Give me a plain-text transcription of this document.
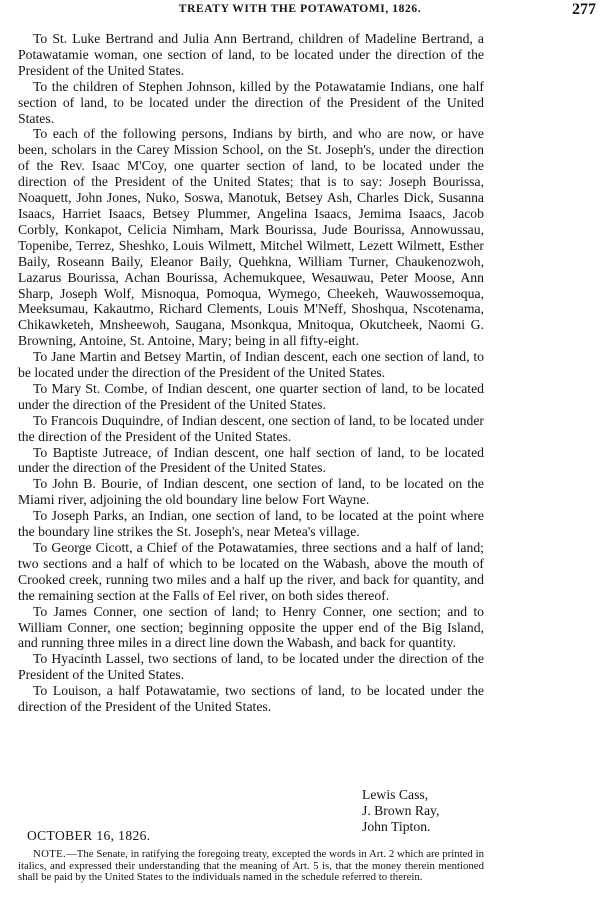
TREATY WITH THE POTAWATOMI, 1826.	277

To St. Luke Bertrand and Julia Ann Bertrand, children of Madeline Bertrand, a Potawatamie woman, one section of land, to be located under the direction of the President of the United States.

To the children of Stephen Johnson, killed by the Potawatamie Indians, one half section of land, to be located under the direction of the President of the United States.

To each of the following persons, Indians by birth, and who are now, or have been, scholars in the Carey Mission School, on the St. Joseph's, under the direction of the Rev. Isaac M'Coy, one quarter section of land, to be located under the direction of the President of the United States; that is to say: Joseph Bourissa, Noaquett, John Jones, Nuko, Soswa, Manotuk, Betsey Ash, Charles Dick, Susanna Isaacs, Harriet Isaacs, Betsey Plummer, Angelina Isaacs, Jemima Isaacs, Jacob Corbly, Konkapot, Celicia Nimham, Mark Bourissa, Jude Bourissa, Annowussau, Topenibe, Terrez, Sheshko, Louis Wilmett, Mitchel Wilmett, Lezett Wilmett, Esther Baily, Roseann Baily, Eleanor Baily, Quehkna, William Turner, Chaukenozwoh, Lazarus Bourissa, Achan Bourissa, Achemukquee, Wesauwau, Peter Moose, Ann Sharp, Joseph Wolf, Misnoqua, Pomoqua, Wymego, Cheekeh, Wauwossemoqua, Meeksumau, Kakautmo, Richard Clements, Louis M'Neff, Shoshqua, Nscotenama, Chikawketeh, Mnsheewoh, Saugana, Msonkqua, Mnitoqua, Okutcheek, Naomi G. Browning, Antoine, St. Antoine, Mary; being in all fifty-eight.

To Jane Martin and Betsey Martin, of Indian descent, each one section of land, to be located under the direction of the President of the United States.

To Mary St. Combe, of Indian descent, one quarter section of land, to be located under the direction of the President of the United States.

To Francois Duquindre, of Indian descent, one section of land, to be located under the direction of the President of the United States.

To Baptiste Jutreace, of Indian descent, one half section of land, to be located under the direction of the President of the United States.

To John B. Bourie, of Indian descent, one section of land, to be located on the Miami river, adjoining the old boundary line below Fort Wayne.

To Joseph Parks, an Indian, one section of land, to be located at the point where the boundary line strikes the St. Joseph's, near Metea's village.

To George Cicott, a Chief of the Potawatamies, three sections and a half of land; two sections and a half of which to be located on the Wabash, above the mouth of Crooked creek, running two miles and a half up the river, and back for quantity, and the remaining section at the Falls of Eel river, on both sides thereof.

To James Conner, one section of land; to Henry Conner, one section; and to William Conner, one section; beginning opposite the upper end of the Big Island, and running three miles in a direct line down the Wabash, and back for quantity.

To Hyacinth Lassel, two sections of land, to be located under the direction of the President of the United States.

To Louison, a half Potawatamie, two sections of land, to be located under the direction of the President of the United States.

Lewis Cass,
J. Brown Ray,
John Tipton.
OCTOBER 16, 1826.
NOTE.—The Senate, in ratifying the foregoing treaty, excepted the words in Art. 2 which are printed in italics, and expressed their understanding that the meaning of Art. 5 is, that the money therein mentioned shall be paid by the United States to the individuals named in the schedule referred to therein.
